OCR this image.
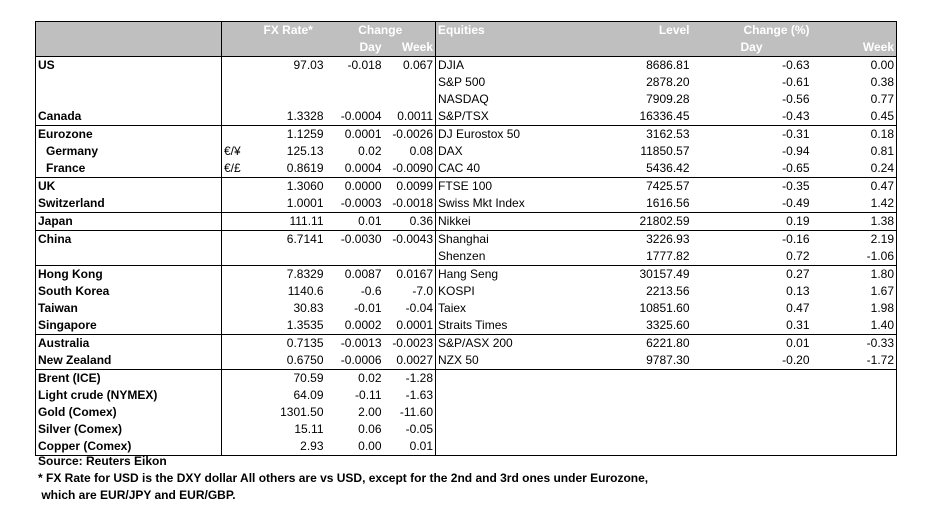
		FX Rate*	Change		Equities	Level	Change (%)	
			Day	Week			Day	Week
US		97.03	-0.018	0.067	DJIA	8686.81	-0.63	0.00
					S&P 500	2878.20	-0.61	0.38
					NASDAQ	7909.28	-0.56	0.77
Canada		1.3328	-0.0004	0.0011	S&P/TSX	16336.45	-0.43	0.45
Eurozone		1.1259	0.0001	-0.0026	DJ Eurostox 50	3162.53	-0.31	0.18
Germany	€/¥	125.13	0.02	0.08	DAX	11850.57	-0.94	0.81
France	€/£	0.8619	0.0004	-0.0090	CAC 40	5436.42	-0.65	0.24
UK		1.3060	0.0000	0.0099	FTSE 100	7425.57	-0.35	0.47
Switzerland		1.0001	-0.0003	-0.0018	Swiss Mkt Index	1616.56	-0.49	1.42
Japan		111.11	0.01	0.36	Nikkei	21802.59	0.19	1.38
China		6.7141	-0.0030	-0.0043	Shanghai	3226.93	-0.16	2.19
					Shenzen	1777.82	0.72	-1.06
Hong Kong		7.8329	0.0087	0.0167	Hang Seng	30157.49	0.27	1.80
South Korea		1140.6	-0.6	-7.0	KOSPI	2213.56	0.13	1.67
Taiwan		30.83	-0.01	-0.04	Taiex	10851.60	0.47	1.98
Singapore		1.3535	0.0002	0.0001	Straits Times	3325.60	0.31	1.40
Australia		0.7135	-0.0013	-0.0023	S&P/ASX 200	6221.80	0.01	-0.33
New Zealand		0.6750	-0.0006	0.0027	NZX 50	9787.30	-0.20	-1.72
Brent (ICE)		70.59	0.02	-1.28				
Light crude (NYMEX)		64.09	-0.11	-1.63				
Gold (Comex)		1301.50	2.00	-11.60				
Silver (Comex)		15.11	0.06	-0.05				
Copper (Comex)		2.93	0.00	0.01				
Source: Reuters Eikon
* FX Rate for USD is the DXY dollar All others are vs USD, except for the 2nd and 3rd ones under Eurozone,
which are EUR/JPY and EUR/GBP.
